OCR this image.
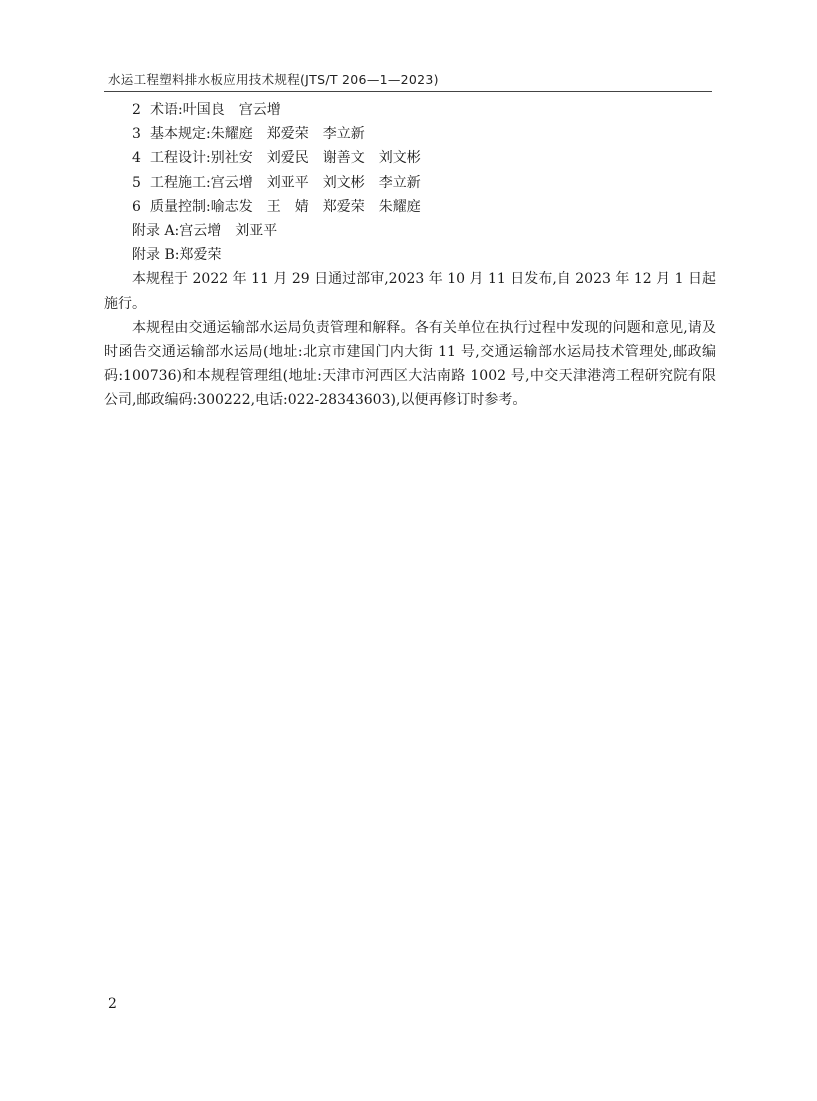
水运工程塑料排水板应用技术规程(JTS/T 206—1—2023)
2 术语:叶国良　宫云增
3 基本规定:朱耀庭　郑爱荣　李立新
4 工程设计:别社安　刘爱民　谢善文　刘文彬
5 工程施工:宫云增　刘亚平　刘文彬　李立新
6 质量控制:喻志发　王　婧　郑爱荣　朱耀庭
附录 A:宫云增　刘亚平
附录 B:郑爱荣

本规程于 2022 年 11 月 29 日通过部审,2023 年 10 月 11 日发布,自 2023 年 12 月 1 日起施行。

本规程由交通运输部水运局负责管理和解释。各有关单位在执行过程中发现的问题和意见,请及时函告交通运输部水运局(地址:北京市建国门内大街 11 号,交通运输部水运局技术管理处,邮政编码:100736)和本规程管理组(地址:天津市河西区大沽南路 1002 号,中交天津港湾工程研究院有限公司,邮政编码:300222,电话:022-28343603),以便再修订时参考。

2
